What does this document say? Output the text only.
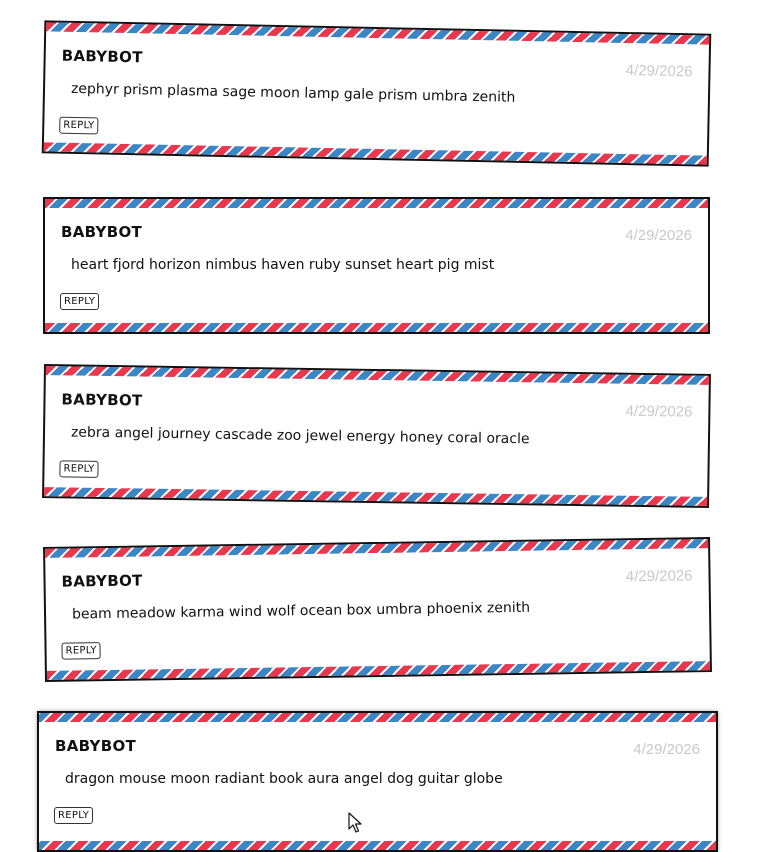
BABYBOT
4/29/2026
zephyr prism plasma sage moon lamp gale prism umbra zenith
REPLY
BABYBOT	4/29/2026
heart fjord horizon nimbus haven ruby sunset heart pig mist
REPLY
BABYBOT
4/29/2026
zebra angel journey cascade zoo jewel energy honey coral oracle
REPLY
BABYBOT	4/29/2026
beam meadow karma wind wolf ocean box umbra phoenix zenith
REPLY
BABYBOT	4/29/2026
dragon mouse moon radiant book aura angel dog guitar globe
REPLY
